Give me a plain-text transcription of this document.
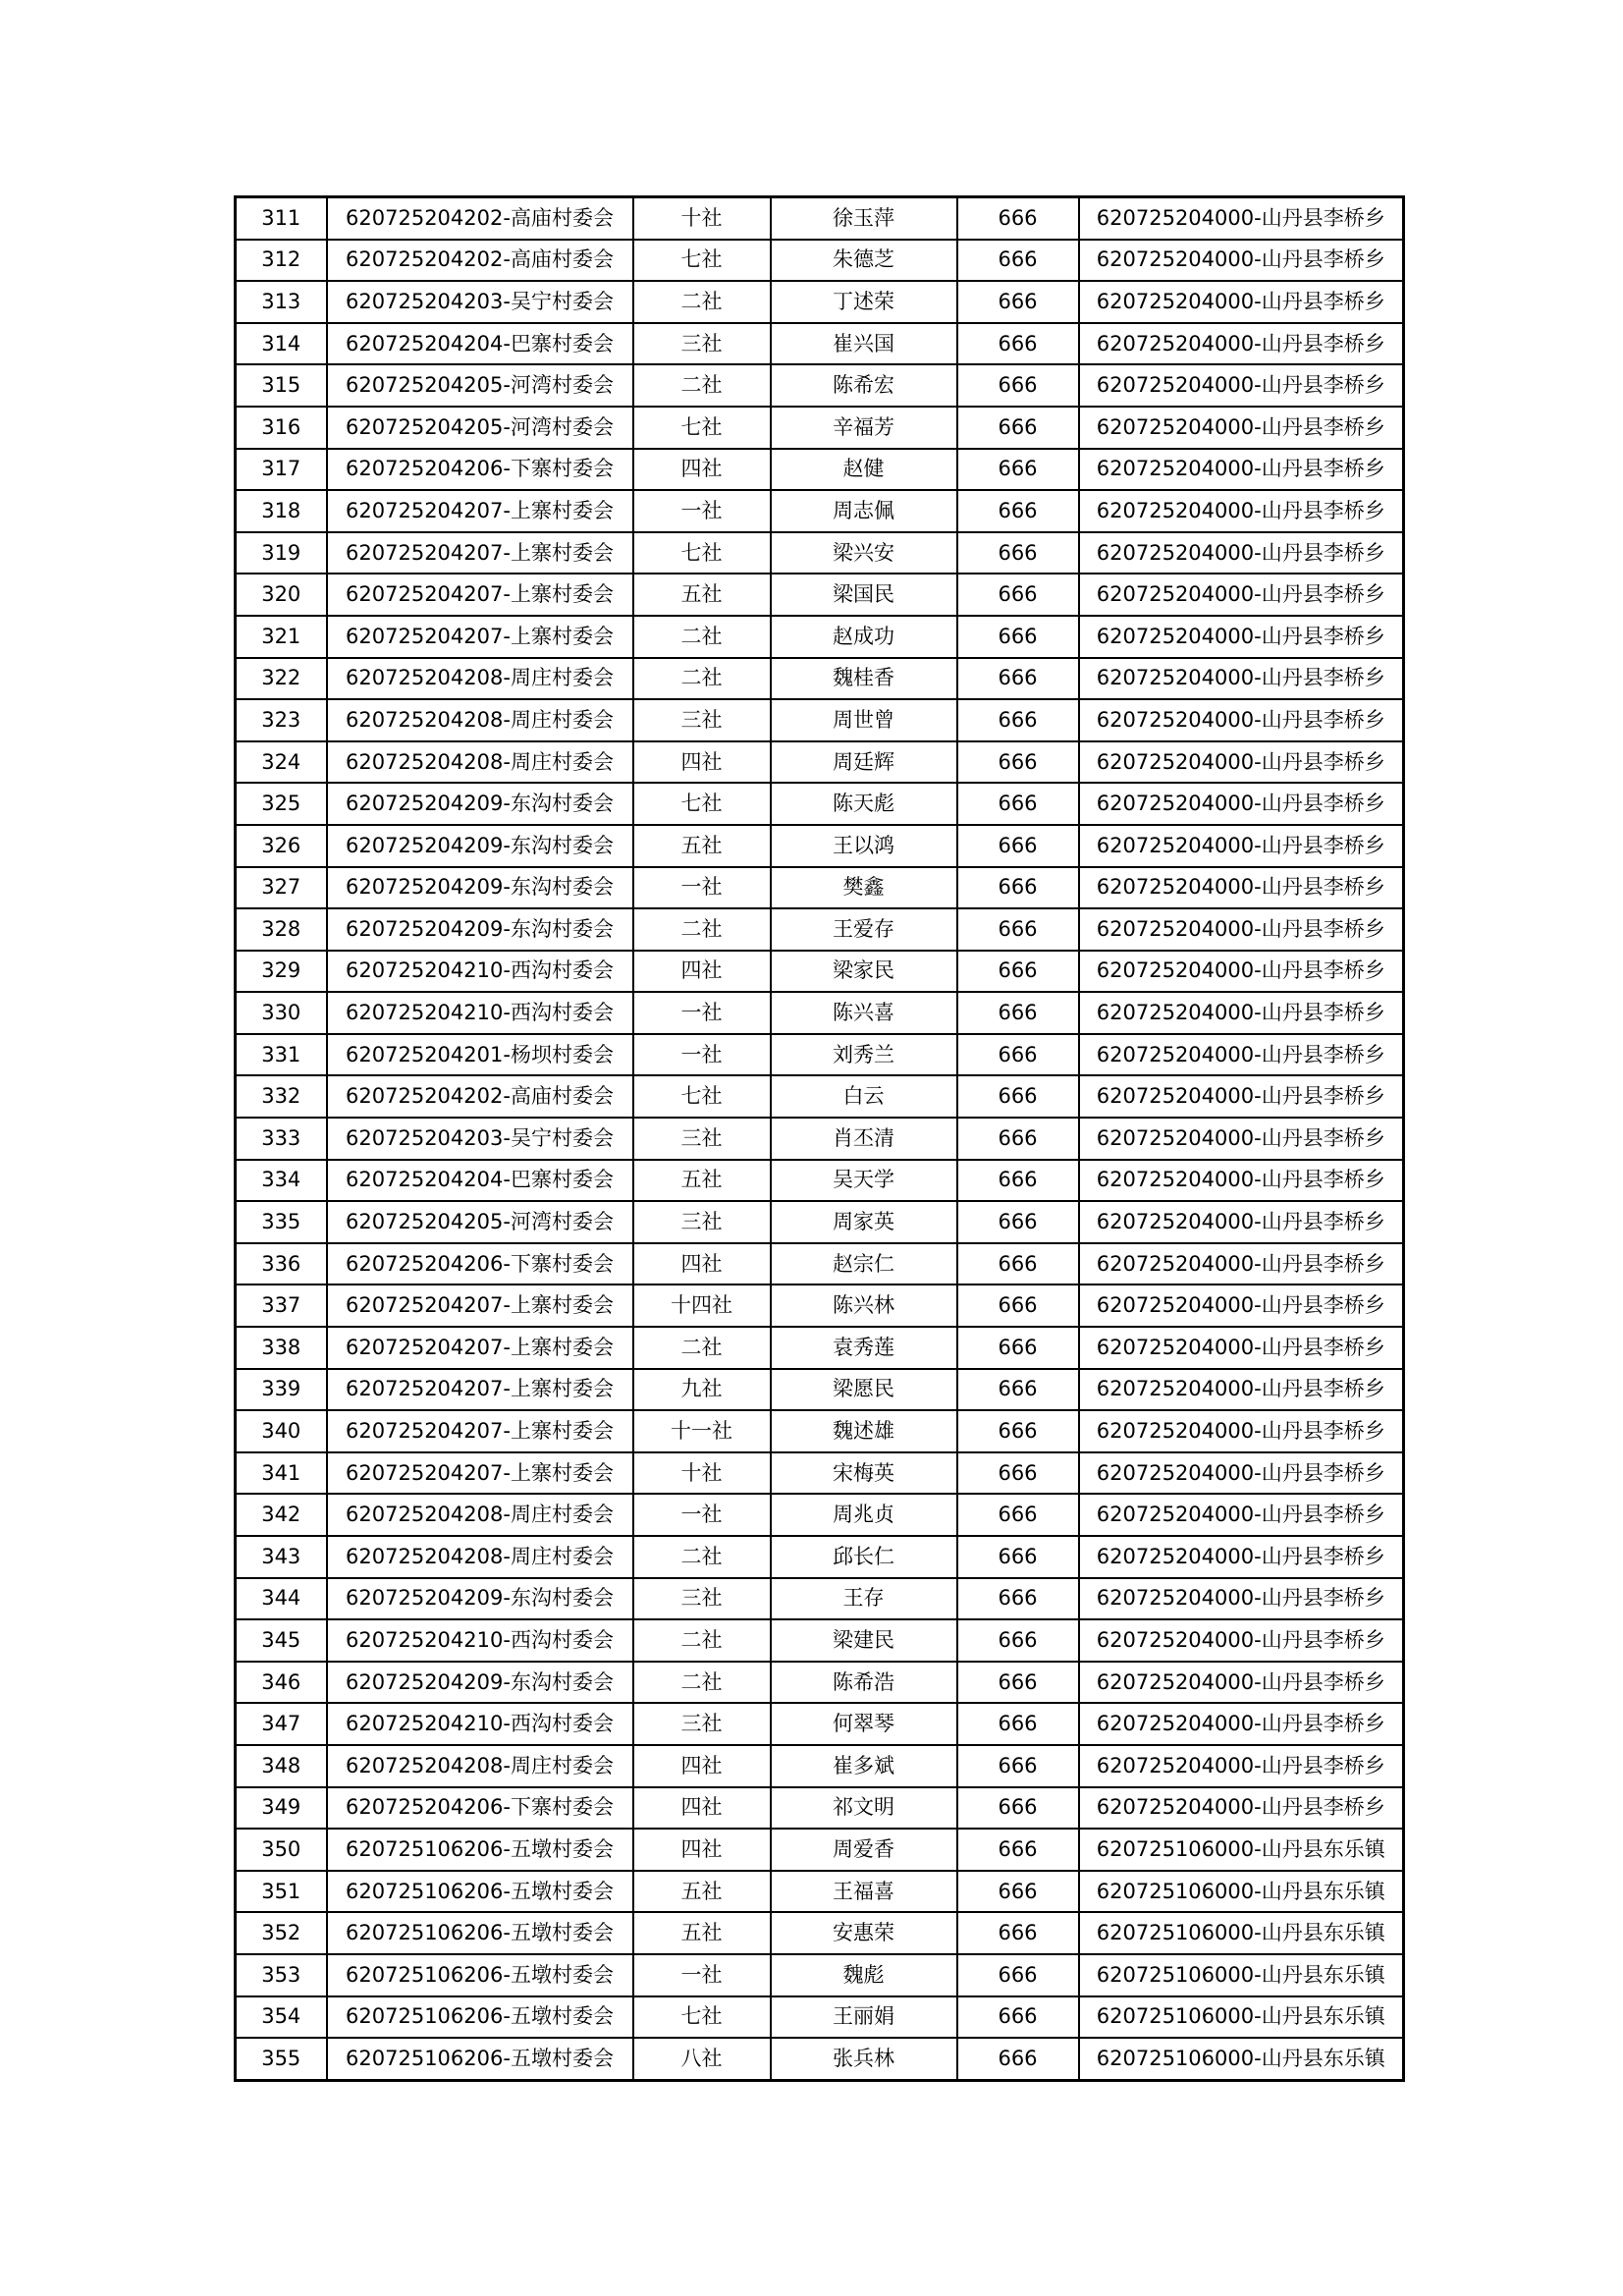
311	620725204202-高庙村委会	十社	徐玉萍	666	620725204000-山丹县李桥乡
312	620725204202-高庙村委会	七社	朱德芝	666	620725204000-山丹县李桥乡
313	620725204203-吴宁村委会	二社	丁述荣	666	620725204000-山丹县李桥乡
314	620725204204-巴寨村委会	三社	崔兴国	666	620725204000-山丹县李桥乡
315	620725204205-河湾村委会	二社	陈希宏	666	620725204000-山丹县李桥乡
316	620725204205-河湾村委会	七社	辛福芳	666	620725204000-山丹县李桥乡
317	620725204206-下寨村委会	四社	赵健	666	620725204000-山丹县李桥乡
318	620725204207-上寨村委会	一社	周志佩	666	620725204000-山丹县李桥乡
319	620725204207-上寨村委会	七社	梁兴安	666	620725204000-山丹县李桥乡
320	620725204207-上寨村委会	五社	梁国民	666	620725204000-山丹县李桥乡
321	620725204207-上寨村委会	二社	赵成功	666	620725204000-山丹县李桥乡
322	620725204208-周庄村委会	二社	魏桂香	666	620725204000-山丹县李桥乡
323	620725204208-周庄村委会	三社	周世曾	666	620725204000-山丹县李桥乡
324	620725204208-周庄村委会	四社	周廷辉	666	620725204000-山丹县李桥乡
325	620725204209-东沟村委会	七社	陈天彪	666	620725204000-山丹县李桥乡
326	620725204209-东沟村委会	五社	王以鸿	666	620725204000-山丹县李桥乡
327	620725204209-东沟村委会	一社	樊鑫	666	620725204000-山丹县李桥乡
328	620725204209-东沟村委会	二社	王爱存	666	620725204000-山丹县李桥乡
329	620725204210-西沟村委会	四社	梁家民	666	620725204000-山丹县李桥乡
330	620725204210-西沟村委会	一社	陈兴喜	666	620725204000-山丹县李桥乡
331	620725204201-杨坝村委会	一社	刘秀兰	666	620725204000-山丹县李桥乡
332	620725204202-高庙村委会	七社	白云	666	620725204000-山丹县李桥乡
333	620725204203-吴宁村委会	三社	肖丕清	666	620725204000-山丹县李桥乡
334	620725204204-巴寨村委会	五社	吴天学	666	620725204000-山丹县李桥乡
335	620725204205-河湾村委会	三社	周家英	666	620725204000-山丹县李桥乡
336	620725204206-下寨村委会	四社	赵宗仁	666	620725204000-山丹县李桥乡
337	620725204207-上寨村委会	十四社	陈兴林	666	620725204000-山丹县李桥乡
338	620725204207-上寨村委会	二社	袁秀莲	666	620725204000-山丹县李桥乡
339	620725204207-上寨村委会	九社	梁愿民	666	620725204000-山丹县李桥乡
340	620725204207-上寨村委会	十一社	魏述雄	666	620725204000-山丹县李桥乡
341	620725204207-上寨村委会	十社	宋梅英	666	620725204000-山丹县李桥乡
342	620725204208-周庄村委会	一社	周兆贞	666	620725204000-山丹县李桥乡
343	620725204208-周庄村委会	二社	邱长仁	666	620725204000-山丹县李桥乡
344	620725204209-东沟村委会	三社	王存	666	620725204000-山丹县李桥乡
345	620725204210-西沟村委会	二社	梁建民	666	620725204000-山丹县李桥乡
346	620725204209-东沟村委会	二社	陈希浩	666	620725204000-山丹县李桥乡
347	620725204210-西沟村委会	三社	何翠琴	666	620725204000-山丹县李桥乡
348	620725204208-周庄村委会	四社	崔多斌	666	620725204000-山丹县李桥乡
349	620725204206-下寨村委会	四社	祁文明	666	620725204000-山丹县李桥乡
350	620725106206-五墩村委会	四社	周爱香	666	620725106000-山丹县东乐镇
351	620725106206-五墩村委会	五社	王福喜	666	620725106000-山丹县东乐镇
352	620725106206-五墩村委会	五社	安惠荣	666	620725106000-山丹县东乐镇
353	620725106206-五墩村委会	一社	魏彪	666	620725106000-山丹县东乐镇
354	620725106206-五墩村委会	七社	王丽娟	666	620725106000-山丹县东乐镇
355	620725106206-五墩村委会	八社	张兵林	666	620725106000-山丹县东乐镇
